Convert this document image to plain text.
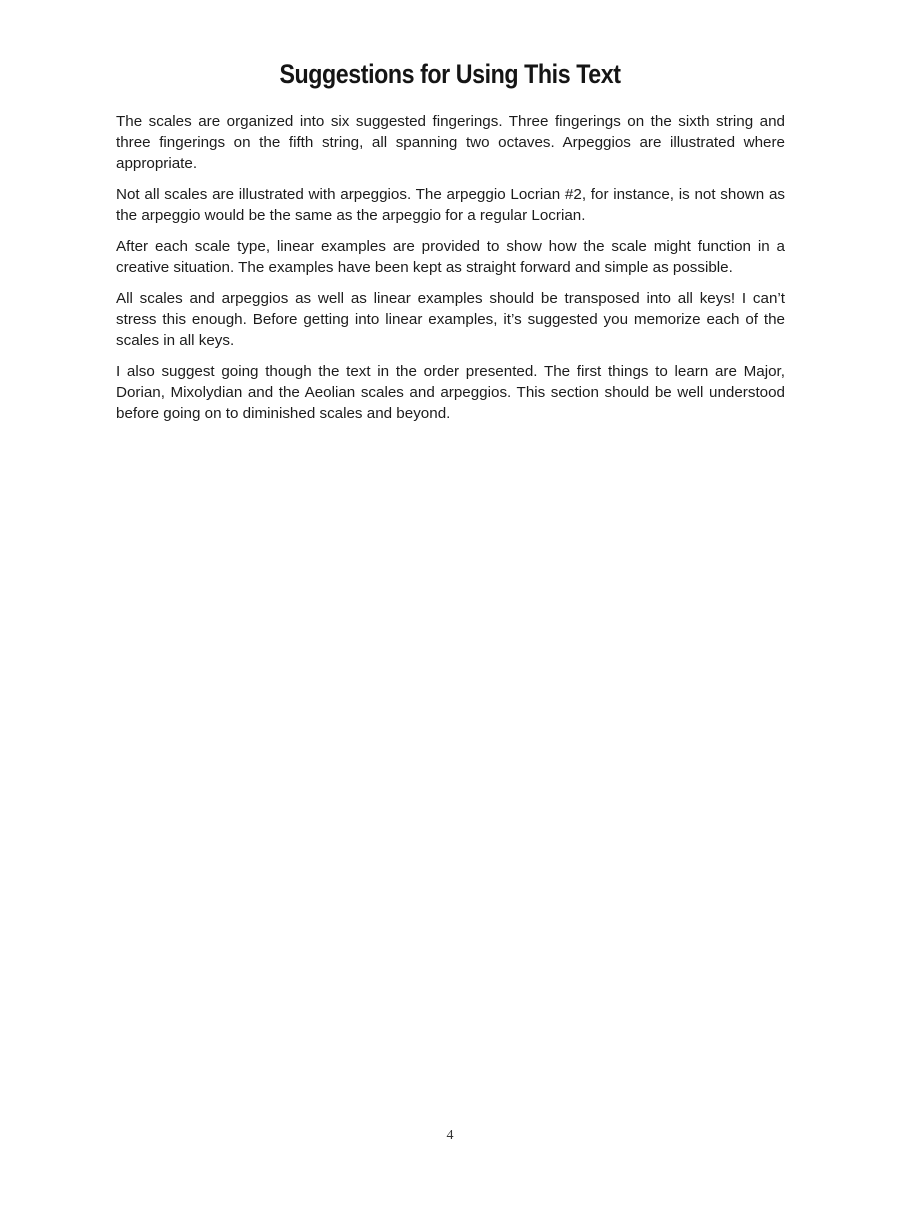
Suggestions for Using This Text

The scales are organized into six suggested fingerings. Three fingerings on the sixth string and three fingerings on the fifth string, all spanning two octaves. Arpeggios are illustrated where appropriate.

Not all scales are illustrated with arpeggios. The arpeggio Locrian #2, for instance, is not shown as the arpeggio would be the same as the arpeggio for a regular Locrian.

After each scale type, linear examples are provided to show how the scale might function in a creative situation. The examples have been kept as straight forward and simple as possible.

All scales and arpeggios as well as linear examples should be transposed into all keys! I can’t stress this enough. Before getting into linear examples, it’s suggested you memorize each of the scales in all keys.

I also suggest going though the text in the order presented. The first things to learn are Major, Dorian, Mixolydian and the Aeolian scales and arpeggios. This section should be well understood before going on to diminished scales and beyond.

4
